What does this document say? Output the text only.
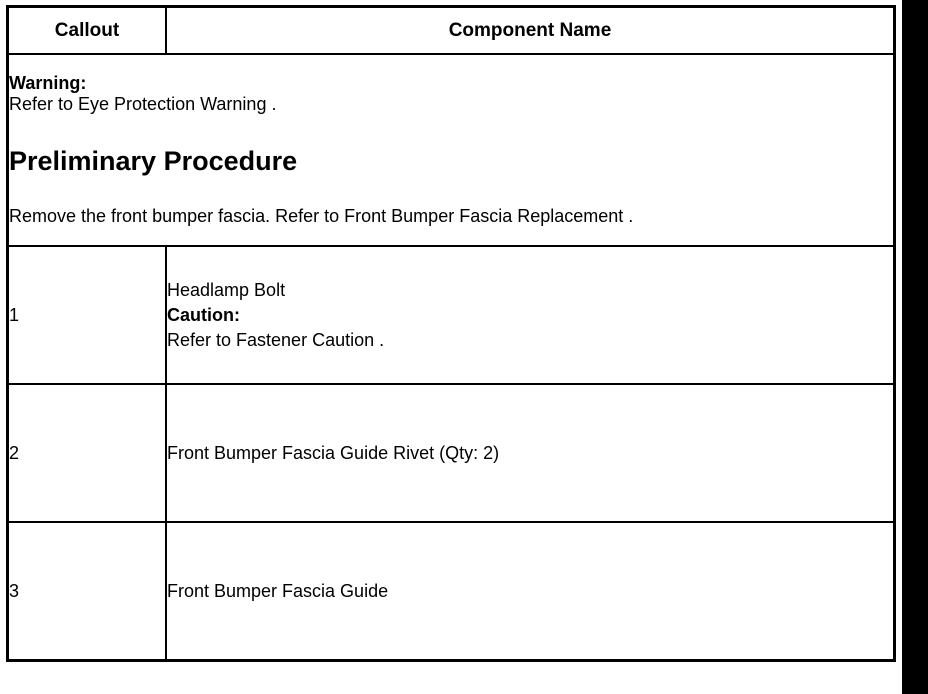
Callout	Component Name

Warning:
Refer to Eye Protection Warning .
Preliminary Procedure
Remove the front bumper fascia. Refer to Front Bumper Fascia Replacement .	

1	Headlamp Bolt
Caution:
Refer to Fastener Caution .

2	Front Bumper Fascia Guide Rivet (Qty: 2)
3	Front Bumper Fascia Guide
